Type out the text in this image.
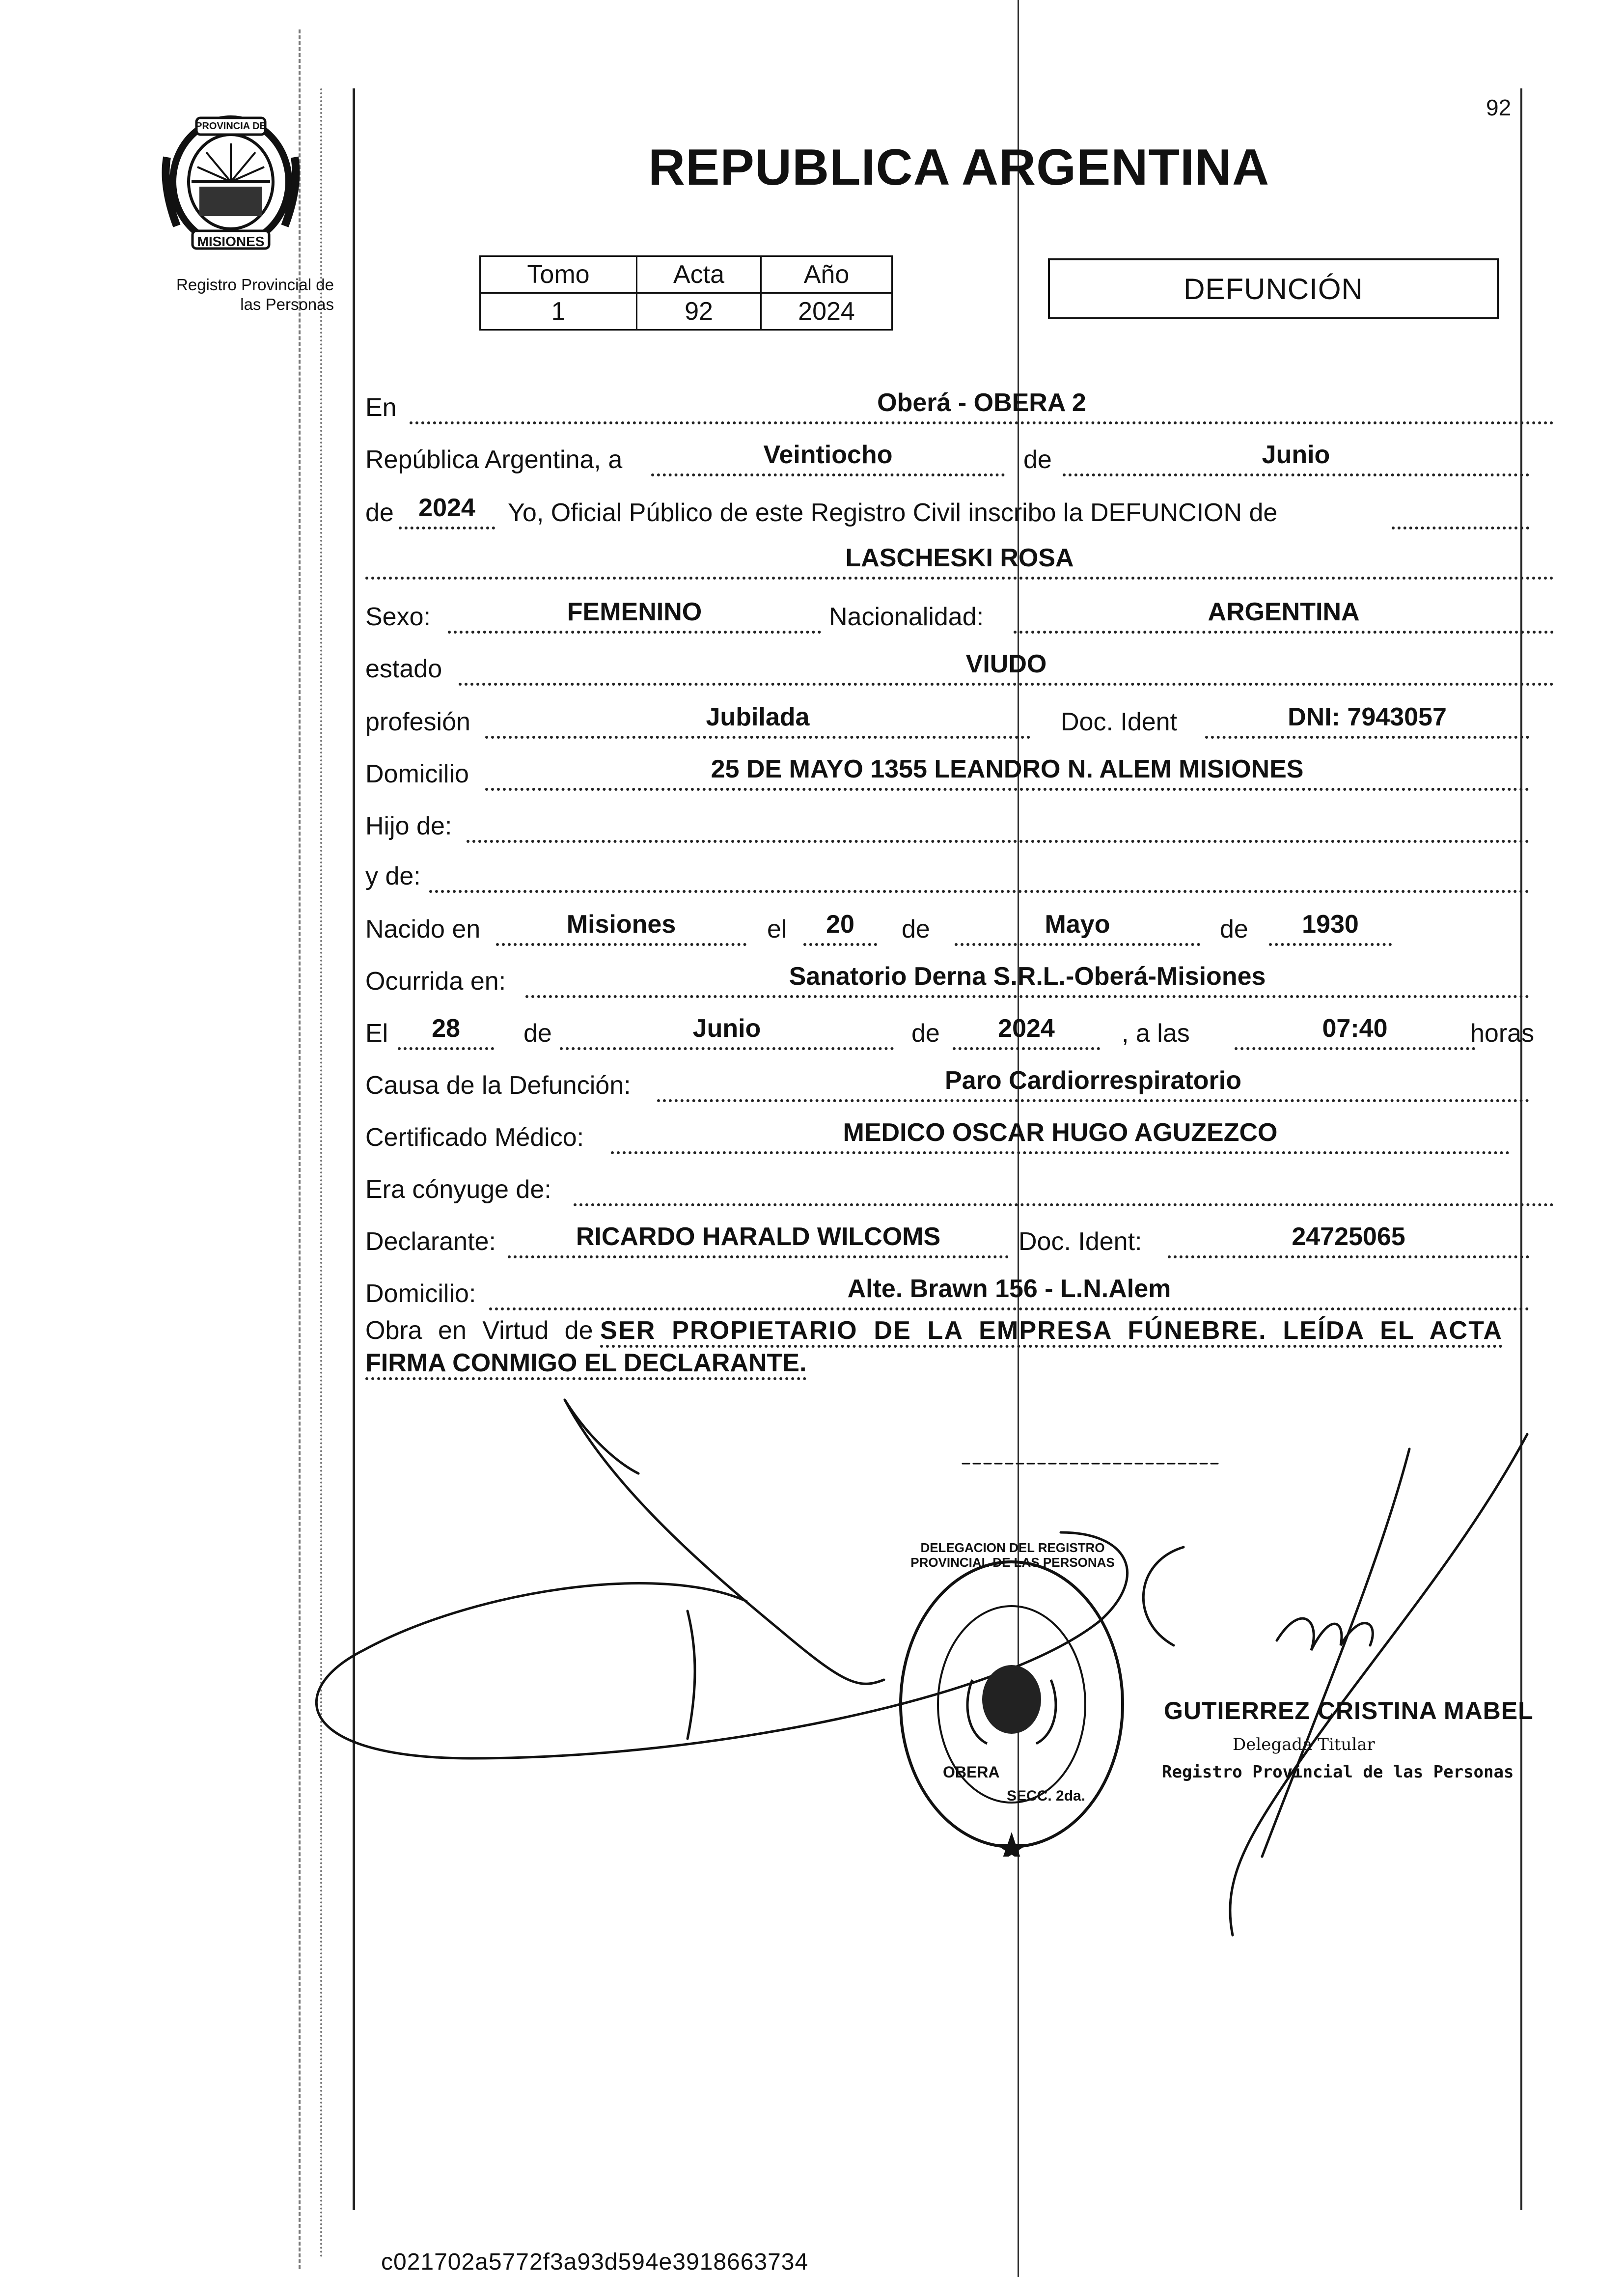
PROVINCIA DE
MISIONES
Registro Provincial de
las Personas
92
REPUBLICA ARGENTINA
Tomo	Acta	Año
1	92	2024
DEFUNCIÓN
En	Oberá - OBERA 2
República Argentina, a	Veintiocho	de	Junio
de 2024	Yo, Oficial Público de este Registro Civil inscribo la DEFUNCION de
LASCHESKI ROSA
Sexo:	FEMENINO	Nacionalidad:	ARGENTINA
estado	VIUDO
profesión	Jubilada	Doc. Ident	DNI: 7943057
Domicilio	25 DE MAYO 1355 LEANDRO N. ALEM MISIONES
Hijo de:
y de:
Nacido en	Misiones	el	20	de	Mayo	de	1930
Ocurrida en:	Sanatorio Derna S.R.L.-Oberá-Misiones
El	28	de	Junio	de	2024	, a las	07:40	horas
Causa de la Defunción:	Paro Cardiorrespiratorio
Certificado Médico:	MEDICO OSCAR HUGO AGUZEZCO
Era cónyuge de:
Declarante:	RICARDO HARALD WILCOMS	Doc. Ident:	24725065
Domicilio:	Alte. Brawn 156 - L.N.Alem
Obra en Virtud de SER PROPIETARIO DE LA EMPRESA FÚNEBRE. LEÍDA EL ACTA
FIRMA CONMIGO EL DECLARANTE.
DELEGACION DEL REGISTRO PROVINCIAL DE LAS PERSONAS
OBERA
SECC. 2da.
GUTIERREZ CRISTINA MABEL
Delegada Titular
Registro Provincial de las Personas
c021702a5772f3a93d594e3918663734
